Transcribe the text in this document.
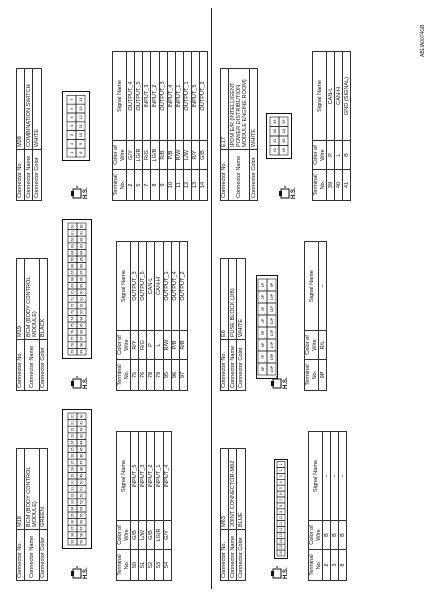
Connector No.	M18
Connector Name	BCM (BODY CONTROL MODULE)
Connector Color	GREEN
H.S.
39
38
37
36
35
34
33
32
31
30
29
28
27
26
25
24
23
22
21
20
59
58
57
56
55
54
53
52
51
50
49
48
47
46
45
44
43
42
41
40
Terminal No.	Color of Wire	Signal Name
50	G/B	INPUT_5
51	L/W	INPUT_3
52	G/B	INPUT_2
53	LG/R	INPUT_1
54	G/Y	INPUT_4
Connector No.	M19
Connector Name	BCM (BODY CONTROL MODULE)
Connector Color	BLACK
H.S.
79
78
77
76
75
74
73
72
71
70
69
68
67
66
65
64
63
62
61
60
99
98
97
96
95
94
93
92
91
90
89
88
87
86
85
84
83
82
81
80
Terminal No.	Color of Wire	Signal Name
75	R/Y	OUTPUT_3
76	R/G	OUTPUT_5
78	P	CAN-L
79	L	CAN-H
95	R/W	OUTPUT_1
96	P/B	OUTPUT_4
97	R/B	OUTPUT_2
Connector No.	M28
Connector Name	COMBINATION SWITCH
Connector Color	WHITE
H.S.
1
2
3
4
5
6
7
8
9
10
11
12
13
14
Terminal No.	Color of Wire	Signal Name
2	G/Y	OUTPUT_4
5	LG/R	OUTPUT_5
7	R/G	INPUT_3
8	LG/B	INPUT_2
9	R/B	OUTPUT_3
10	P/B	INPUT_4
11	R/W	INPUT_1
12	L/W	OUTPUT_1
13	R/Y	INPUT_5
14	G/B	OUTPUT_2
Connector No.	M63
Connector Name	JOINT CONNECTOR-M02
Connector Color	BLUE
H.S.
16
15
14
13
12
11
10
9
8
7
6
5
4
3
2
1
Terminal No.	Color of Wire	Signal Name
2	B	–
3	B	–
8	B	–
Connector No.	E6
Connector Name	FUSE BLOCK (J/B)
Connector Color	WHITE
H.S.
8P
7P
6P
5P
4P
3P
2P
1P
16P
15P
14P
13P
12P
11P
10P
9P
Terminal No.	Color of Wire	Signal Name
9P	R/L	–
Connector No.	E17
Connector Name	IPDM E/R (INTELLIGENT POWER DISTRIBUTION MODULE ENGINE ROOM)
Connector Color	WHITE
H.S.
42
41
40
39
46
45
44
43
Terminal No.	Color of Wire	Signal Name
39	P	CAN-L
40	L	CAN-H
41	B	GND (SIGNAL)
ABLIA0074GB
